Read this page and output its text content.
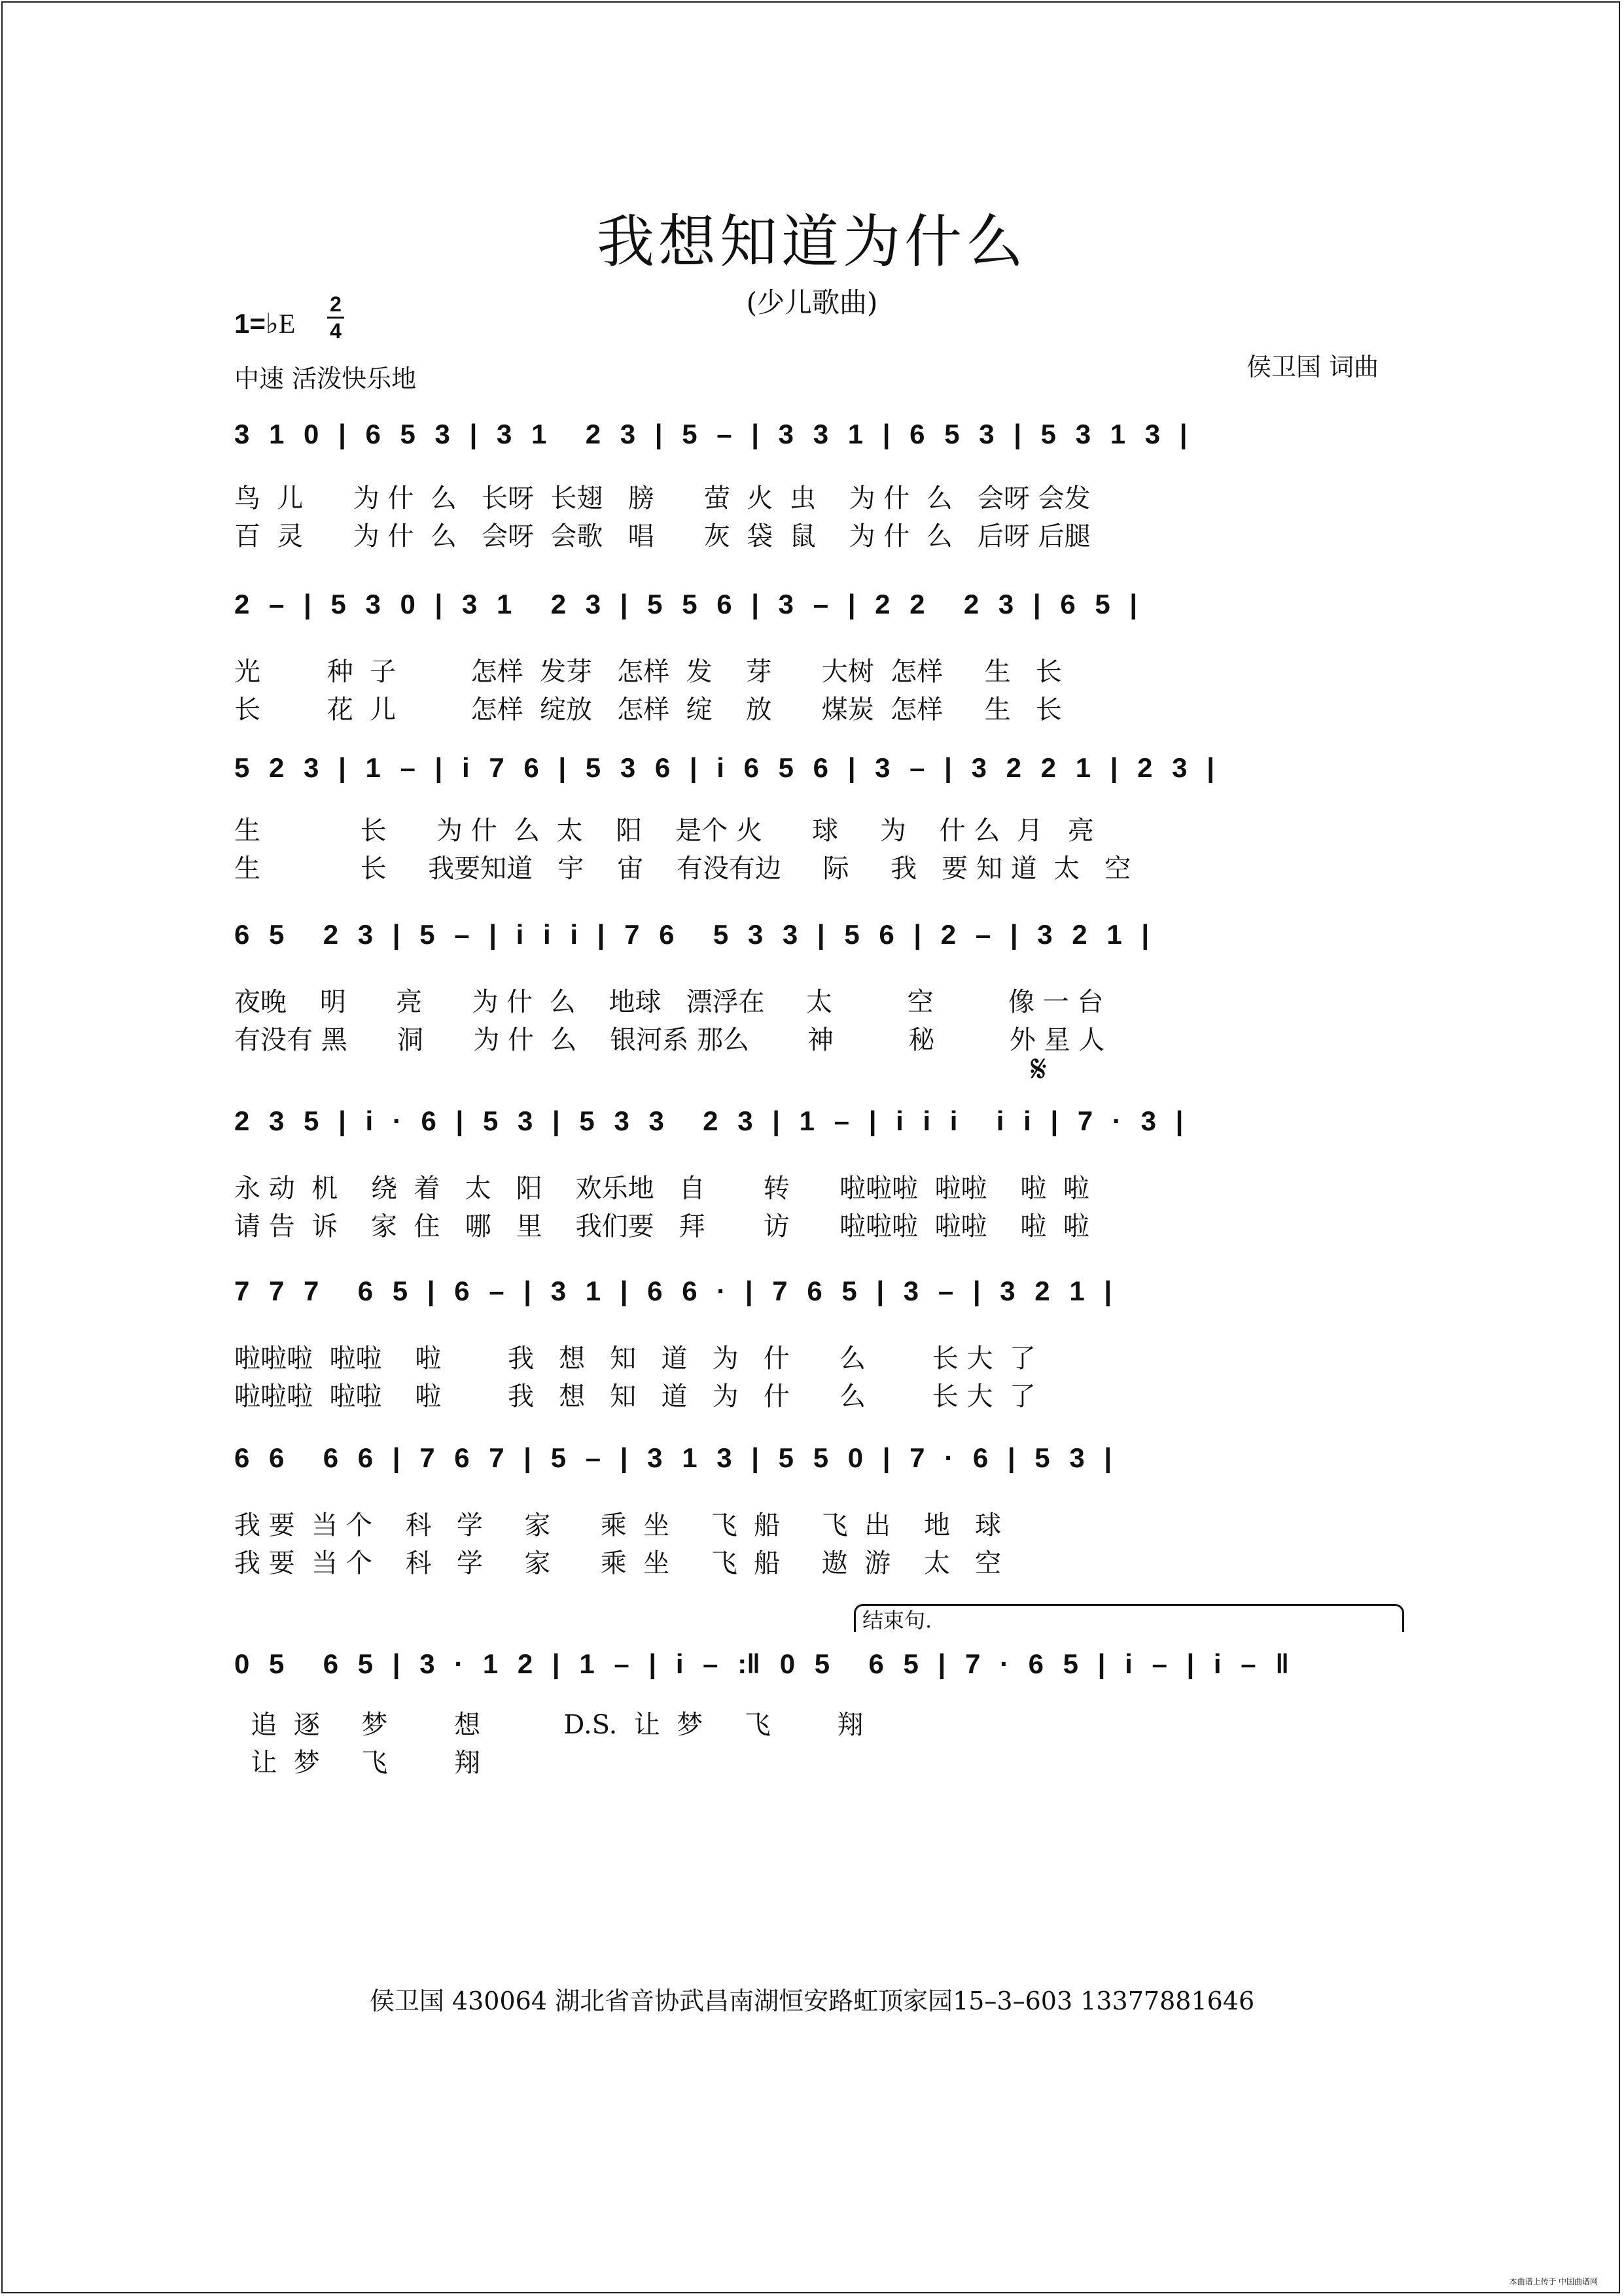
我想知道为什么
(少儿歌曲)
1=♭E
2
4
中速 活泼快乐地	侯卫国 词曲
3 1 0 | 6 5 3 | 3 1  2 3 | 5 – | 3 3 1 | 6 5 3 | 5 3 1 3 |
鸟  儿      为 什  么   长呀  长翅   膀      萤  火  虫    为 什  么   会呀 会发
百  灵      为 什  么   会呀  会歌   唱      灰  袋  鼠    为 什  么   后呀 后腿
2 – | 5 3 0 | 3 1  2 3 | 5 5 6 | 3 – | 2 2  2 3 | 6 5 |
光        种  子         怎样  发芽   怎样  发    芽      大树  怎样     生   长
长        花  儿         怎样  绽放   怎样  绽    放      煤炭  怎样     生   长
5 2 3 | 1 – | i 7 6 | 5 3 6 | i 6 5 6 | 3 – | 3 2 2 1 | 2 3 |
生            长      为 什  么  太    阳    是个 火      球     为    什 么  月   亮
生            长     我要知道   宇    宙    有没有边     际     我   要 知 道  太   空
6 5  2 3 | 5 – | i i i | 7 6  5 3 3 | 5 6 | 2 – | 3 2 1 |
夜晚    明      亮      为 什  么    地球   漂浮在     太         空         像 一 台
有没有 黑      洞      为 什  么    银河系 那么       神         秘         外 星 人
𝄋
2 3 5 | i · 6 | 5 3 | 5 3 3  2 3 | 1 – | i i i  i i | 7 · 3 |
永 动  机    绕  着   太   阳    欢乐地   自       转      啦啦啦  啦啦    啦  啦
请 告  诉    家  住   哪   里    我们要   拜       访      啦啦啦  啦啦    啦  啦
7 7 7  6 5 | 6 – | 3 1 | 6 6 · | 7 6 5 | 3 – | 3 2 1 |
啦啦啦  啦啦    啦        我   想   知   道   为   什      么        长 大  了
啦啦啦  啦啦    啦        我   想   知   道   为   什      么        长 大  了
6 6  6 6 | 7 6 7 | 5 – | 3 1 3 | 5 5 0 | 7 · 6 | 5 3 |
我 要  当 个    科   学     家      乘  坐     飞  船     飞  出    地   球
我 要  当 个    科   学     家      乘  坐     飞  船     遨  游    太   空
结束句.
0 5  6 5 | 3 · 1 2 | 1 – | i – :‖ 0 5  6 5 | 7 · 6 5 | i – | i – ‖
追  逐     梦        想          D.S.  让  梦     飞        翔
让  梦     飞        翔
侯卫国 430064 湖北省音协武昌南湖恒安路虹顶家园15–3–603 13377881646
本曲谱上传于 中国曲谱网
